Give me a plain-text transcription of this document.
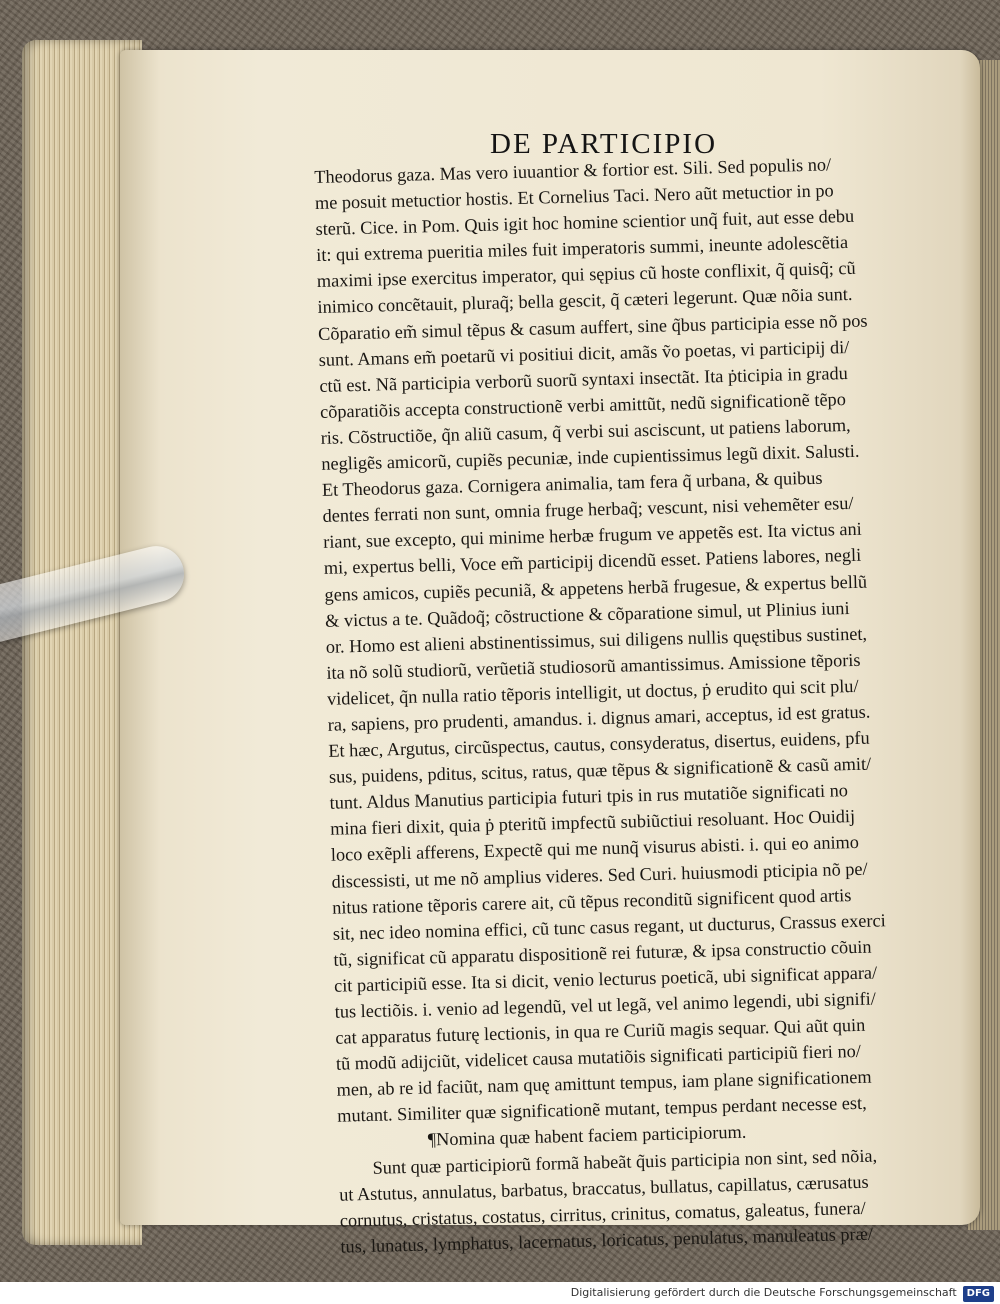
DE PARTICIPIO
Theodorus gaza. Mas vero iuuantior & fortior est. Sili. Sed populis no/
me posuit metuctior hostis. Et Cornelius Taci. Nero aũt metuctior in po
sterũ. Cice. in Pom. Quis igit hoc homine scientior unq̃ fuit, aut esse debu
it: qui extrema pueritia miles fuit imperatoris summi, ineunte adolescẽtia
maximi ipse exercitus imperator, qui sępius cũ hoste conflixit, q̃ quisq̃; cũ
inimico concẽtauit, pluraq̃; bella gescit, q̃ cæteri legerunt. Quæ nõia sunt.
Cõparatio em̃ simul tẽpus & casum auffert, sine q̃bus participia esse nõ pos
sunt. Amans em̃ poetarũ vi positiui dicit, amãs ṽo poetas, vi participij di/
ctũ est. Nã participia verborũ suorũ syntaxi insectãt. Ita ṗticipia in gradu
cõparatiõis accepta constructionẽ verbi amittũt, nedũ significationẽ tẽpo
ris. Cõstructiõe, q̃n aliũ casum, q̃ verbi sui asciscunt, ut patiens laborum,
negligẽs amicorũ, cupiẽs pecuniæ, inde cupientissimus legũ dixit. Salusti.
Et Theodorus gaza. Cornigera animalia, tam fera q̃ urbana, & quibus
dentes ferrati non sunt, omnia fruge herbaq̃; vescunt, nisi vehemẽter esu/
riant, sue excepto, qui minime herbæ frugum ve appetẽs est. Ita victus ani
mi, expertus belli, Voce em̃ participij dicendũ esset. Patiens labores, negli
gens amicos, cupiẽs pecuniã, & appetens herbã frugesue, & expertus bellũ
& victus a te. Quãdoq̃; cõstructione & cõparatione simul, ut Plinius iuni
or. Homo est alieni abstinentissimus, sui diligens nullis quęstibus sustinet,
ita nõ solũ studiorũ, verũetiã studiosorũ amantissimus. Amissione tẽporis
videlicet, q̃n nulla ratio tẽporis intelligit, ut doctus, ṗ erudito qui scit plu/
ra, sapiens, pro prudenti, amandus. i. dignus amari, acceptus, id est gratus.
Et hæc, Argutus, circũspectus, cautus, consyderatus, disertus, euidens, pfu
sus, puidens, pditus, scitus, ratus, quæ tẽpus & significationẽ & casũ amit/
tunt. Aldus Manutius participia futuri tpis in rus mutatiõe significati no
mina fieri dixit, quia ṗ pteritũ impfectũ subiũctiui resoluant. Hoc Ouidij
loco exẽpli afferens, Expectẽ qui me nunq̃ visurus abisti. i. qui eo animo
discessisti, ut me nõ amplius videres. Sed Curi. huiusmodi pticipia nõ pe/
nitus ratione tẽporis carere ait, cũ tẽpus reconditũ significent quod artis
sit, nec ideo nomina effici, cũ tunc casus regant, ut ducturus, Crassus exerci
tũ, significat cũ apparatu dispositionẽ rei futuræ, & ipsa constructio cõuin
cit participiũ esse. Ita si dicit, venio lecturus poeticã, ubi significat appara/
tus lectiõis. i. venio ad legendũ, vel ut legã, vel animo legendi, ubi signifi/
cat apparatus futurę lectionis, in qua re Curiũ magis sequar. Qui aũt quin
tũ modũ adijciũt, videlicet causa mutatiõis significati participiũ fieri no/
men, ab re id faciũt, nam quę amittunt tempus, iam plane significationem
mutant. Similiter quæ significationẽ mutant, tempus perdant necesse est,
¶Nomina quæ habent faciem participiorum.
Sunt quæ participiorũ formã habeãt q̃uis participia non sint, sed nõia,
ut Astutus, annulatus, barbatus, braccatus, bullatus, capillatus, cærusatus
cornutus, cristatus, costatus, cirritus, crinitus, comatus, galeatus, funera/
tus, lunatus, lymphatus, lacernatus, loricatus, penulatus, manuleatus præ/
Digitalisierung gefördert durch die Deutsche Forschungsgemeinschaft DFG
